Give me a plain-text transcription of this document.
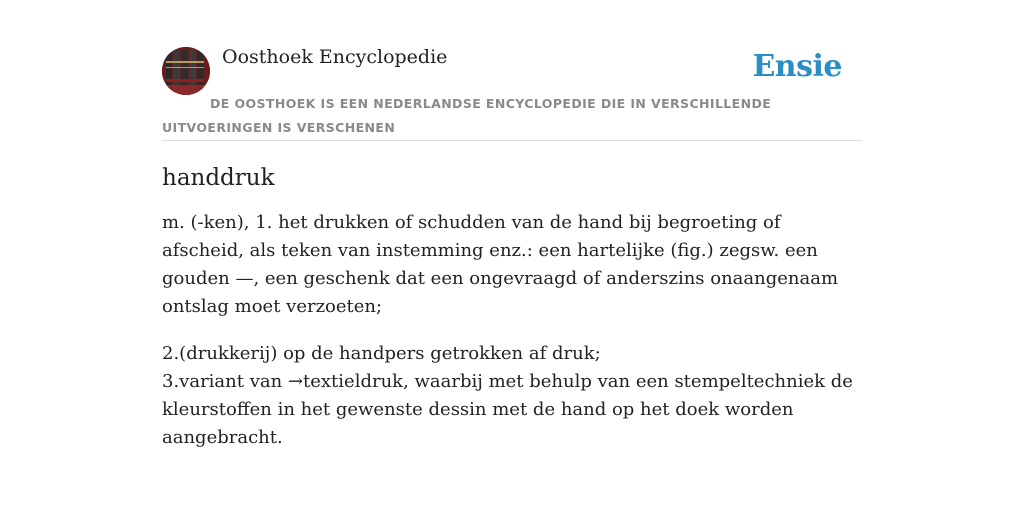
Oosthoek Encyclopedie	Ensie
DE OOSTHOEK IS EEN NEDERLANDSE ENCYCLOPEDIE DIE IN VERSCHILLENDE UITVOERINGEN IS VERSCHENEN
handdruk
m. (-ken), 1. het drukken of schudden van de hand bij begroeting of afscheid, als teken van instemming enz.: een hartelijke (fig.) zegsw. een gouden —, een geschenk dat een ongevraagd of anderszins onaangenaam ontslag moet verzoeten;
2.(drukkerij) op de handpers getrokken af druk;
3.variant van →textieldruk, waarbij met behulp van een stempeltechniek de kleurstoffen in het gewenste dessin met de hand op het doek worden aangebracht.
